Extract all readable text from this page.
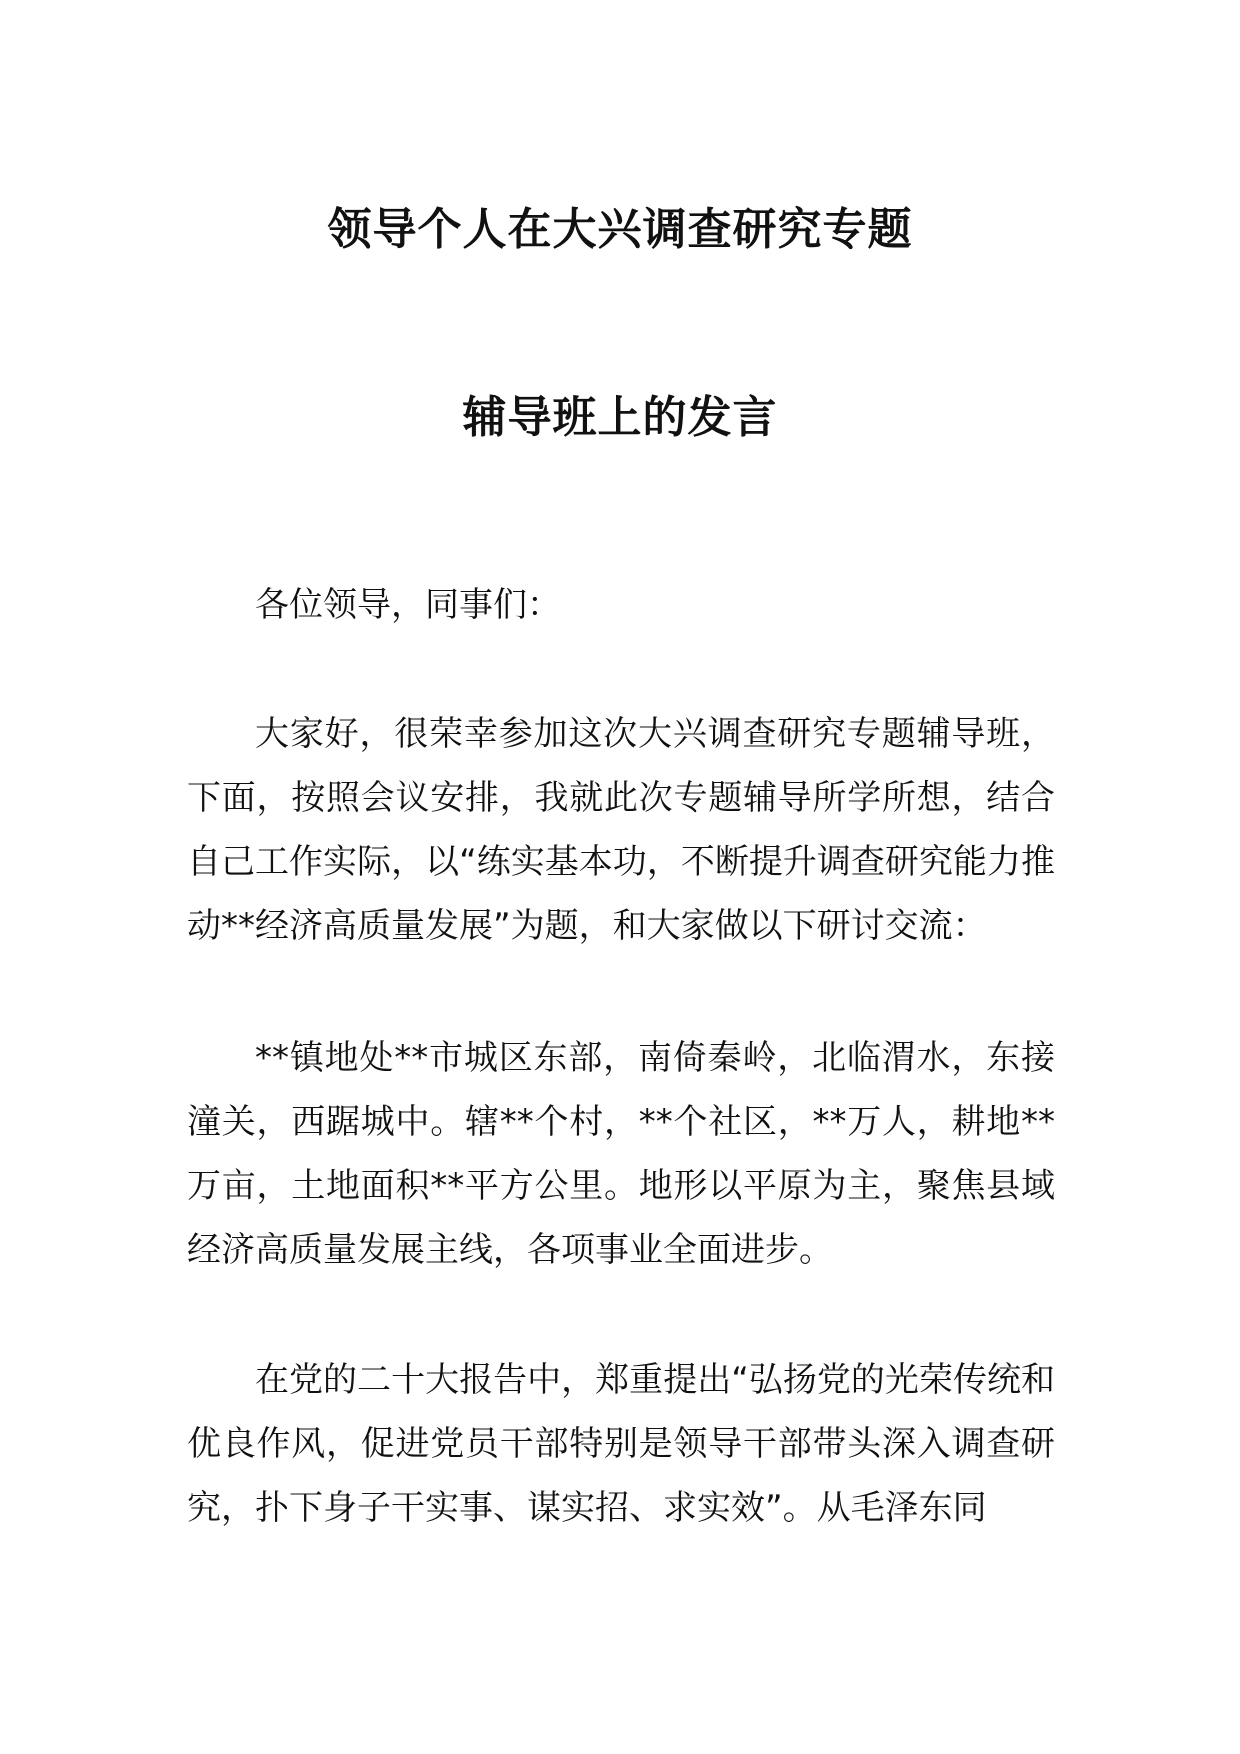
领导个人在大兴调查研究专题
辅导班上的发言

各位领导，同事们：

大家好，很荣幸参加这次大兴调查研究专题辅导班，下面，按照会议安排，我就此次专题辅导所学所想，结合自己工作实际，以“练实基本功，不断提升调查研究能力推动**经济高质量发展”为题，和大家做以下研讨交流：

**镇地处**市城区东部，南倚秦岭，北临渭水，东接潼关，西踞城中。辖**个村，**个社区，**万人，耕地**万亩，土地面积**平方公里。地形以平原为主，聚焦县域经济高质量发展主线，各项事业全面进步。

在党的二十大报告中，郑重提出“弘扬党的光荣传统和优良作风，促进党员干部特别是领导干部带头深入调查研究，扑下身子干实事、谋实招、求实效”。从毛泽东同
